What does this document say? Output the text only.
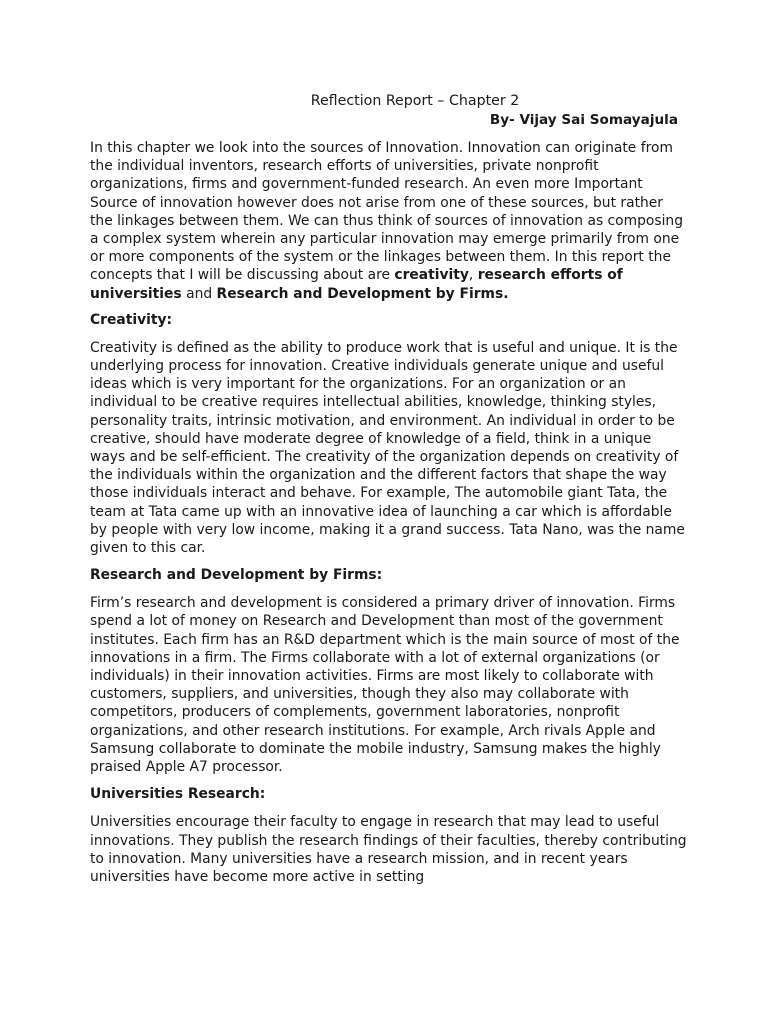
Reflection Report – Chapter 2

By- Vijay Sai Somayajula

In this chapter we look into the sources of Innovation. Innovation can originate from the individual inventors, research efforts of universities, private nonprofit organizations, firms and government-funded research. An even more Important Source of innovation however does not arise from one of these sources, but rather the linkages between them. We can thus think of sources of innovation as composing a complex system wherein any particular innovation may emerge primarily from one or more components of the system or the linkages between them. In this report the concepts that I will be discussing about are creativity, research efforts of universities and Research and Development by Firms.

Creativity:

Creativity is defined as the ability to produce work that is useful and unique. It is the underlying process for innovation. Creative individuals generate unique and useful ideas which is very important for the organizations. For an organization or an individual to be creative requires intellectual abilities, knowledge, thinking styles, personality traits, intrinsic motivation, and environment. An individual in order to be creative, should have moderate degree of knowledge of a field, think in a unique ways and be self-efficient. The creativity of the organization depends on creativity of the individuals within the organization and the different factors that shape the way those individuals interact and behave. For example, The automobile giant Tata, the team at Tata came up with an innovative idea of launching a car which is affordable by people with very low income, making it a grand success. Tata Nano, was the name given to this car.

Research and Development by Firms:

Firm’s research and development is considered a primary driver of innovation. Firms spend a lot of money on Research and Development than most of the government institutes. Each firm has an R&D department which is the main source of most of the innovations in a firm. The Firms collaborate with a lot of external organizations (or individuals) in their innovation activities. Firms are most likely to collaborate with customers, suppliers, and universities, though they also may collaborate with competitors, producers of complements, government laboratories, nonprofit organizations, and other research institutions. For example, Arch rivals Apple and Samsung collaborate to dominate the mobile industry, Samsung makes the highly praised Apple A7 processor.

Universities Research:

Universities encourage their faculty to engage in research that may lead to useful innovations. They publish the research findings of their faculties, thereby contributing to innovation. Many universities have a research mission, and in recent years universities have become more active in setting
